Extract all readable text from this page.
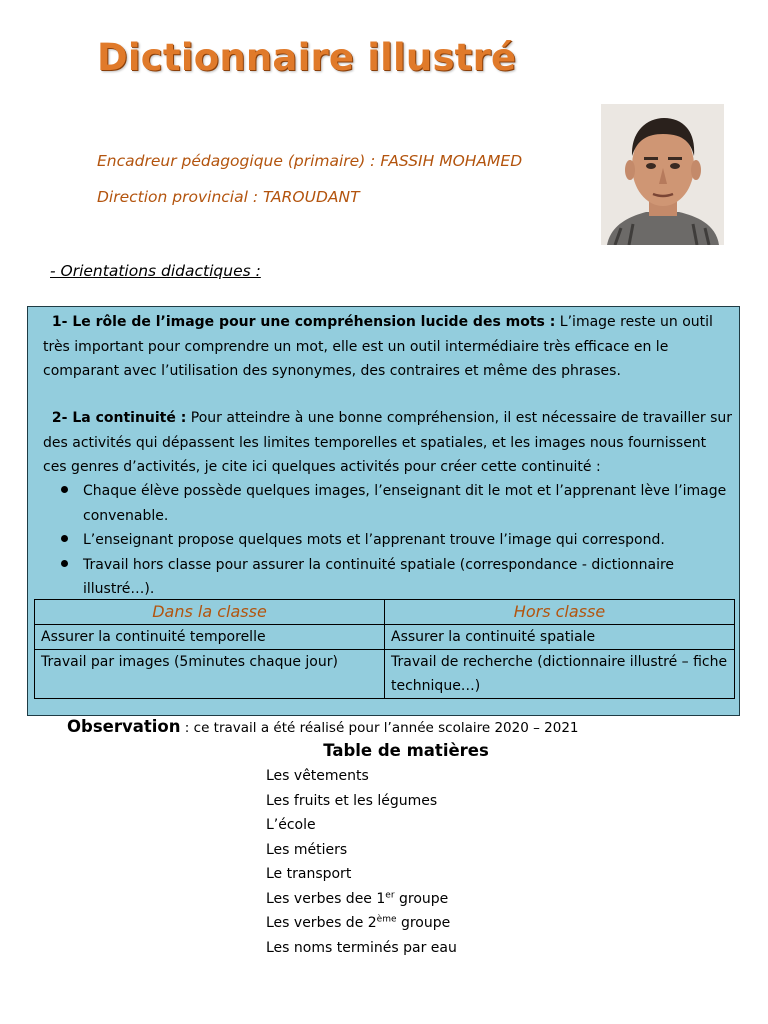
Dictionnaire illustré
Encadreur pédagogique (primaire) : FASSIH MOHAMED
Direction provincial : TAROUDANT
- Orientations didactiques :

1- Le rôle de l’image pour une compréhension lucide des mots : L’image reste un outil très important pour comprendre un mot, elle est un outil intermédiaire très efficace en le comparant avec l’utilisation des synonymes, des contraires et même des phrases.

2- La continuité : Pour atteindre à une bonne compréhension, il est nécessaire de travailler sur des activités qui dépassent les limites temporelles et spatiales, et les images nous fournissent ces genres d’activités, je cite ici quelques activités pour créer cette continuité :

Chaque élève possède quelques images, l’enseignant dit le mot et l’apprenant lève l’image convenable.
L’enseignant propose quelques mots et l’apprenant trouve l’image qui correspond.
Travail hors classe pour assurer la continuité spatiale (correspondance - dictionnaire illustré…).
Dans la classe	Hors classe
Assurer la continuité temporelle	Assurer la continuité spatiale
Travail par images (5minutes chaque jour)	Travail de recherche (dictionnaire illustré – fiche technique…)
Observation : ce travail a été réalisé pour l’année scolaire 2020 – 2021
Table de matières
Les vêtements
Les fruits et les légumes
L’école
Les métiers
Le transport
Les verbes dee 1er groupe
Les verbes de 2ème groupe
Les noms terminés par eau
